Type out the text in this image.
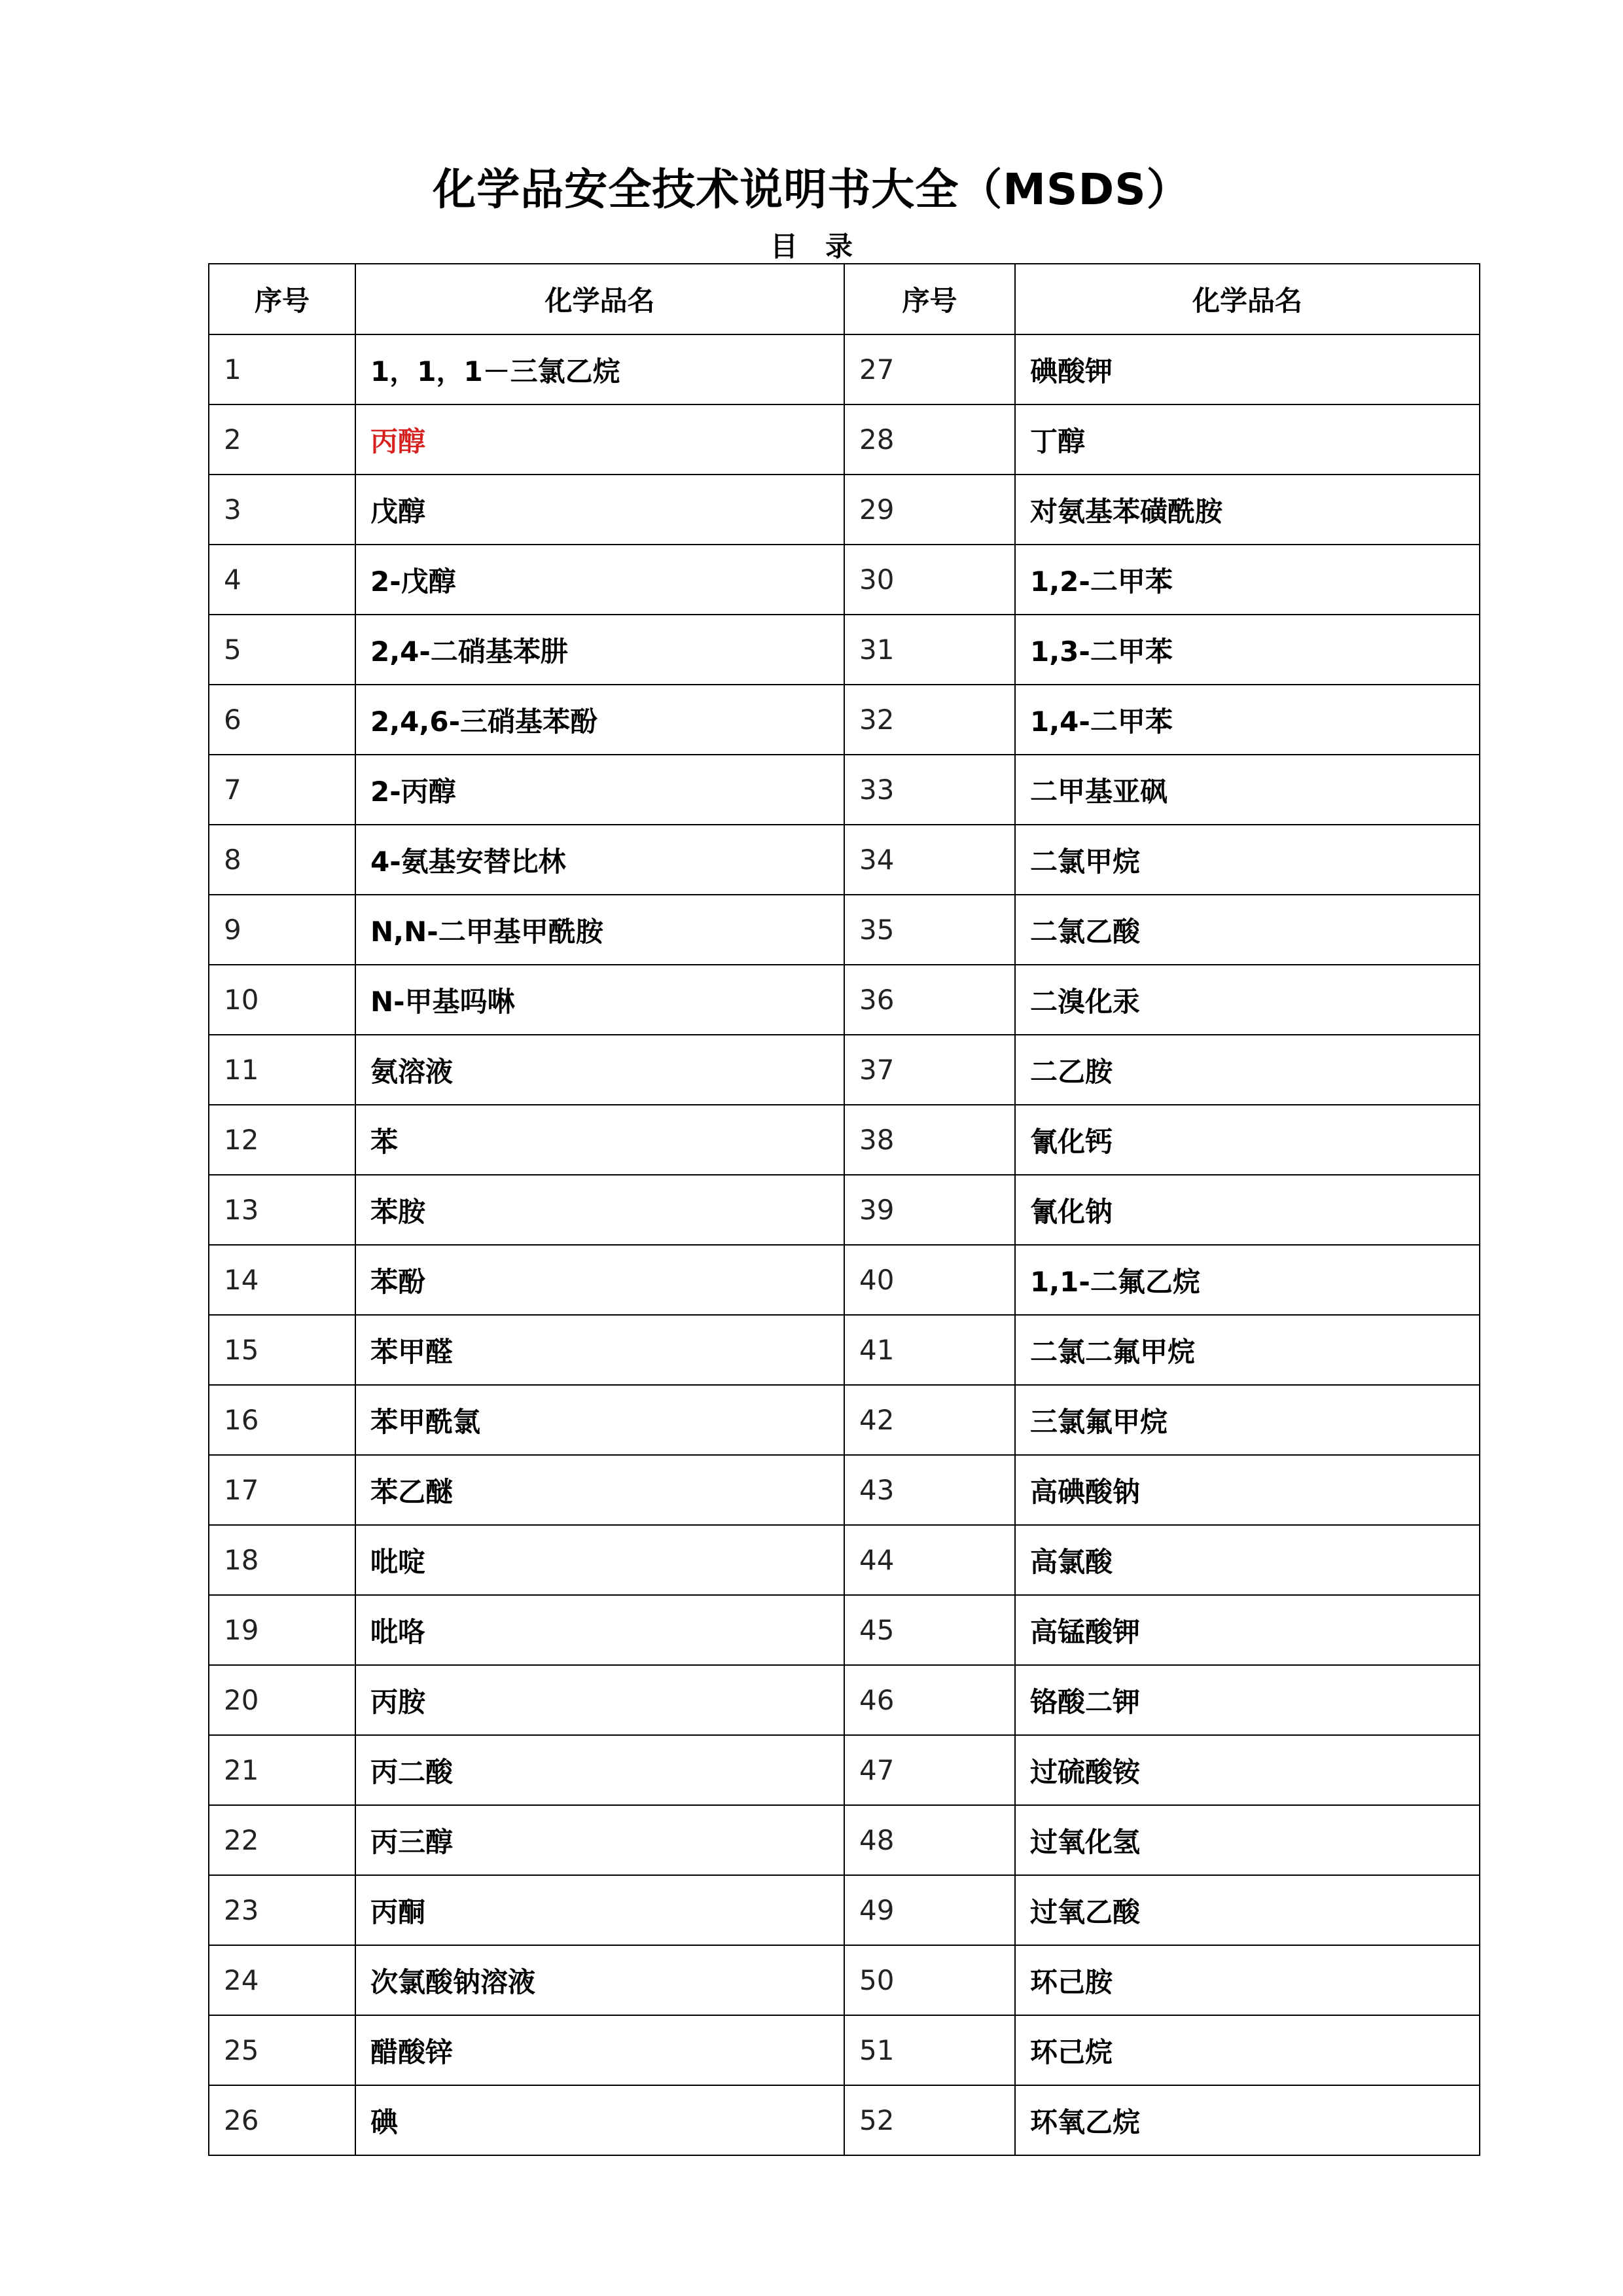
化学品安全技术说明书大全（MSDS）
目　录
序号	化学品名	序号	化学品名
1	1，1，1－三氯乙烷	27	碘酸钾
2	丙醇	28	丁醇
3	戊醇	29	对氨基苯磺酰胺
4	2-戊醇	30	1,2-二甲苯
5	2,4-二硝基苯肼	31	1,3-二甲苯
6	2,4,6-三硝基苯酚	32	1,4-二甲苯
7	2-丙醇	33	二甲基亚砜
8	4-氨基安替比林	34	二氯甲烷
9	N,N-二甲基甲酰胺	35	二氯乙酸
10	N-甲基吗啉	36	二溴化汞
11	氨溶液	37	二乙胺
12	苯	38	氰化钙
13	苯胺	39	氰化钠
14	苯酚	40	1,1-二氟乙烷
15	苯甲醛	41	二氯二氟甲烷
16	苯甲酰氯	42	三氯氟甲烷
17	苯乙醚	43	高碘酸钠
18	吡啶	44	高氯酸
19	吡咯	45	高锰酸钾
20	丙胺	46	铬酸二钾
21	丙二酸	47	过硫酸铵
22	丙三醇	48	过氧化氢
23	丙酮	49	过氧乙酸
24	次氯酸钠溶液	50	环己胺
25	醋酸锌	51	环己烷
26	碘	52	环氧乙烷
